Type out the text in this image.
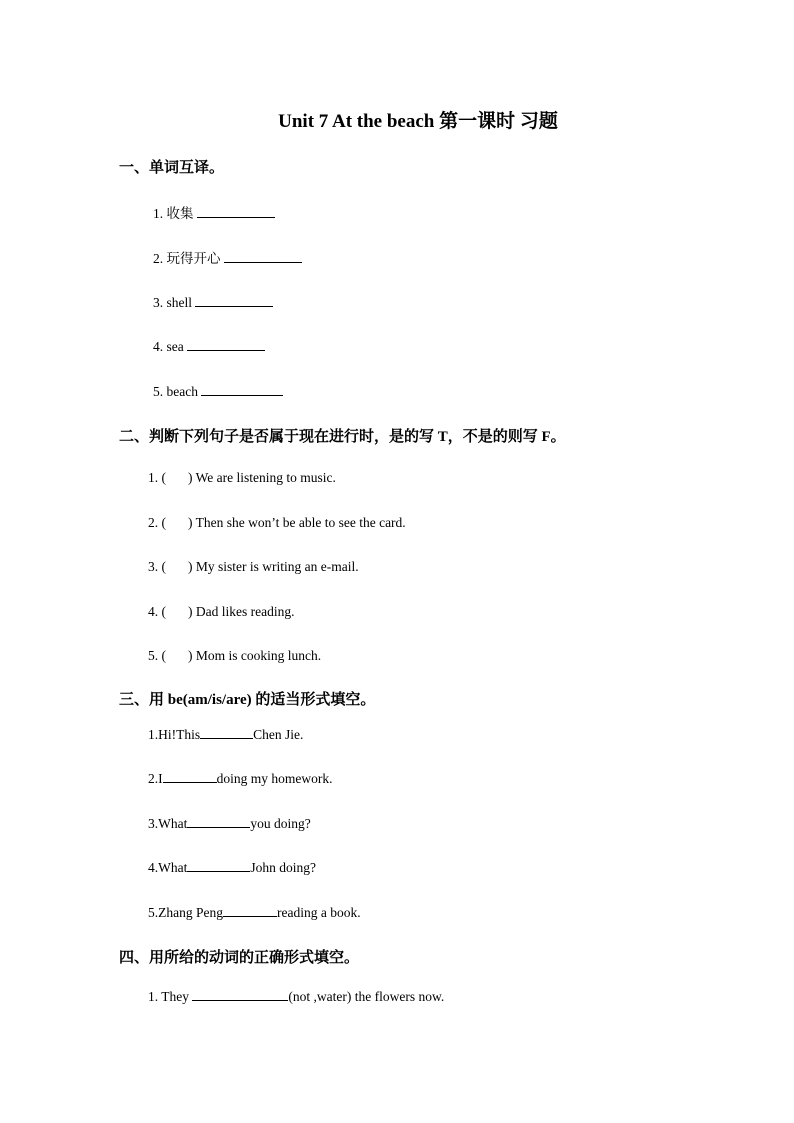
Unit 7 At the beach 第一课时 习题
一、单词互译。
1. 收集
2. 玩得开心
3. shell
4. sea
5. beach
二、判断下列句子是否属于现在进行时，是的写 T，不是的则写 F。
1. ( ) We are listening to music.
2. ( ) Then she won’t be able to see the card.
3. ( ) My sister is writing an e-mail.
4. ( ) Dad likes reading.
5. ( ) Mom is cooking lunch.
三、用 be(am/is/are) 的适当形式填空。
1.Hi!This	Chen Jie.
2.I	doing my homework.
3.What	you doing?
4.What	John doing?
5.Zhang Peng	reading a book.
四、用所给的动词的正确形式填空。
1. They	(not ,water) the flowers now.
